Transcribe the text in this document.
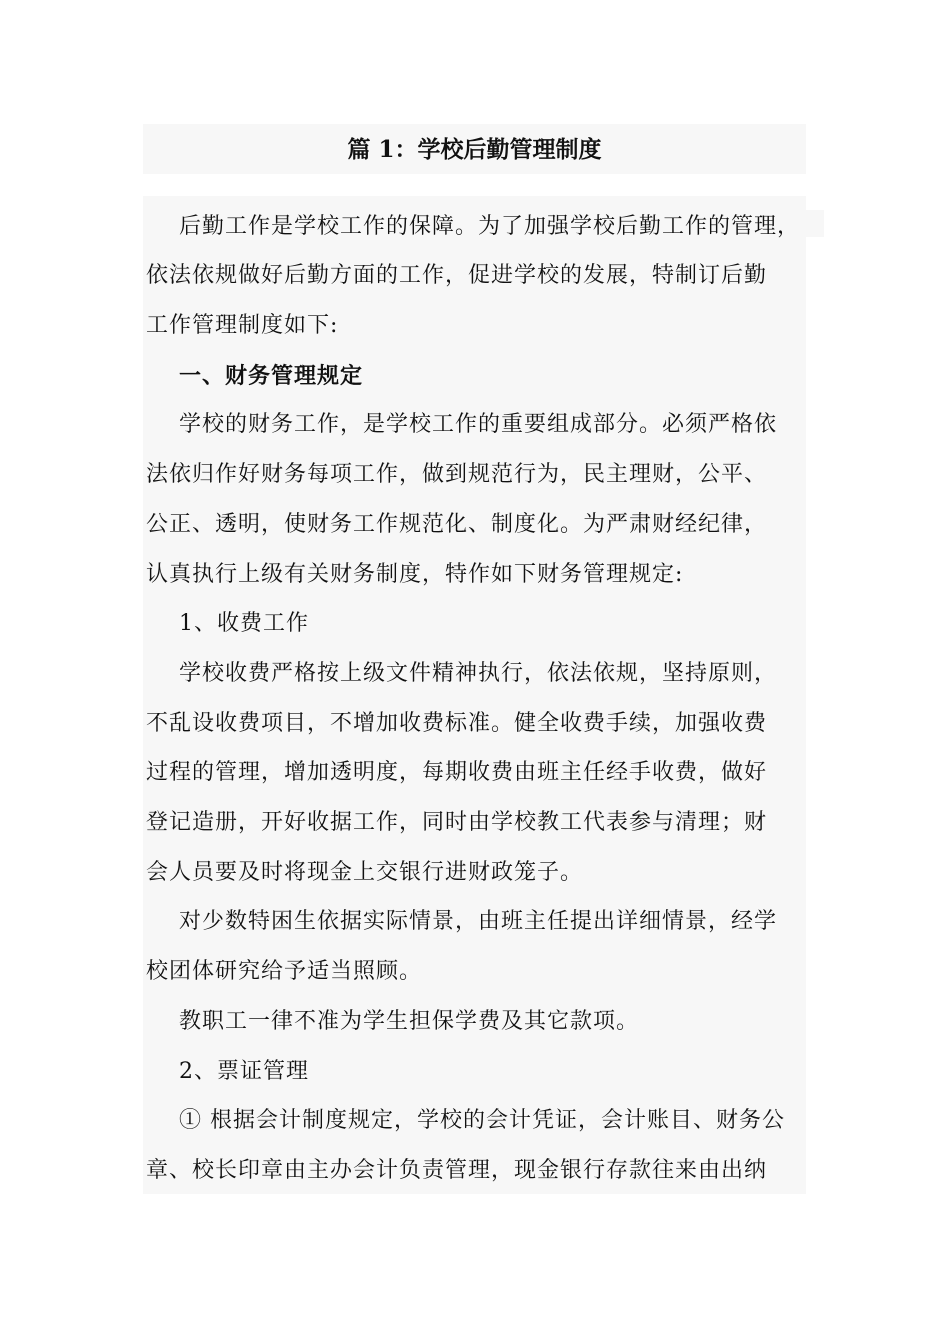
篇 1：学校后勤管理制度

后勤工作是学校工作的保障。为了加强学校后勤工作的管理，

依法依规做好后勤方面的工作，促进学校的发展，特制订后勤

工作管理制度如下:

一、财务管理规定

学校的财务工作，是学校工作的重要组成部分。必须严格依

法依归作好财务每项工作，做到规范行为，民主理财，公平、

公正、透明，使财务工作规范化、制度化。为严肃财经纪律，

认真执行上级有关财务制度，特作如下财务管理规定:

1、收费工作

学校收费严格按上级文件精神执行，依法依规，坚持原则，

不乱设收费项目，不增加收费标准。健全收费手续，加强收费

过程的管理，增加透明度，每期收费由班主任经手收费，做好

登记造册，开好收据工作，同时由学校教工代表参与清理；财

会人员要及时将现金上交银行进财政笼子。

对少数特困生依据实际情景，由班主任提出详细情景，经学

校团体研究给予适当照顾。

教职工一律不准为学生担保学费及其它款项。

2、票证管理

① 根据会计制度规定，学校的会计凭证，会计账目、财务公

章、校长印章由主办会计负责管理，现金银行存款往来由出纳
